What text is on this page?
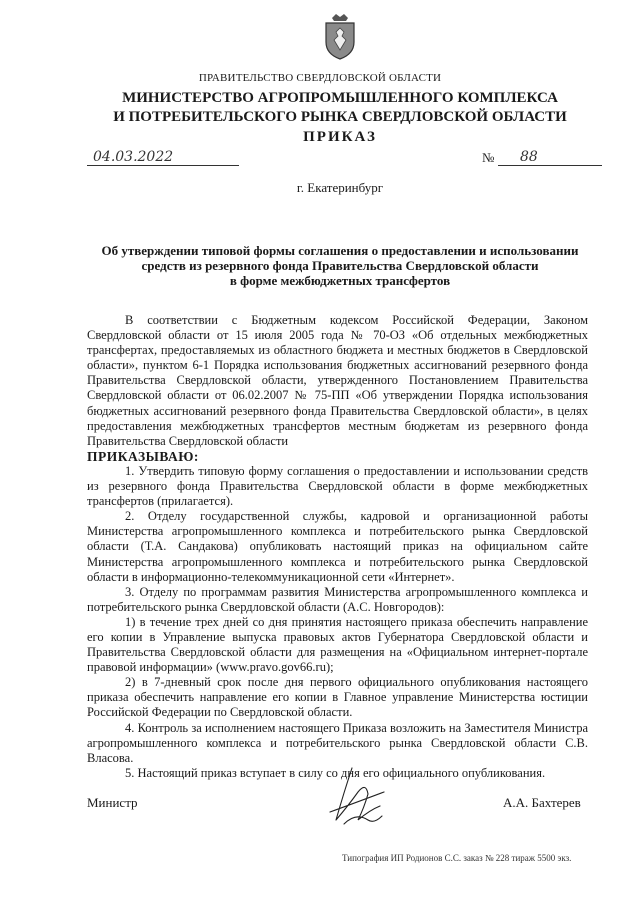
ПРАВИТЕЛЬСТВО СВЕРДЛОВСКОЙ ОБЛАСТИ
МИНИСТЕРСТВО АГРОПРОМЫШЛЕННОГО КОМПЛЕКСА
И ПОТРЕБИТЕЛЬСКОГО РЫНКА СВЕРДЛОВСКОЙ ОБЛАСТИ
ПРИКАЗ
04.03.2022	№	88
г. Екатеринбург
Об утверждении типовой формы соглашения о предоставлении и использовании
средств из резервного фонда Правительства Свердловской области
в форме межбюджетных трансфертов

В соответствии с Бюджетным кодексом Российской Федерации, Законом Свердловской области от 15 июля 2005 года № 70-ОЗ «Об отдельных межбюджетных трансфертах, предоставляемых из областного бюджета и местных бюджетов в Свердловской области», пунктом 6-1 Порядка использования бюджетных ассигнований резервного фонда Правительства Свердловской области, утвержденного Постановлением Правительства Свердловской области от 06.02.2007 № 75-ПП «Об утверждении Порядка использования бюджетных ассигнований резервного фонда Правительства Свердловской области», в целях предоставления межбюджетных трансфертов местным бюджетам из резервного фонда Правительства Свердловской области

ПРИКАЗЫВАЮ:

1. Утвердить типовую форму соглашения о предоставлении и использовании средств из резервного фонда Правительства Свердловской области в форме межбюджетных трансфертов (прилагается).

2. Отделу государственной службы, кадровой и организационной работы Министерства агропромышленного комплекса и потребительского рынка Свердловской области (Т.А. Сандакова) опубликовать настоящий приказ на официальном сайте Министерства агропромышленного комплекса и потребительского рынка Свердловской области в информационно-телекоммуникационной сети «Интернет».

3. Отделу по программам развития Министерства агропромышленного комплекса и потребительского рынка Свердловской области (А.С. Новгородов):

1) в течение трех дней со дня принятия настоящего приказа обеспечить направление его копии в Управление выпуска правовых актов Губернатора Свердловской области и Правительства Свердловской области для размещения на «Официальном интернет-портале правовой информации» (www.pravo.gov66.ru);

2) в 7-дневный срок после дня первого официального опубликования настоящего приказа обеспечить направление его копии в Главное управление Министерства юстиции Российской Федерации по Свердловской области.

4. Контроль за исполнением настоящего Приказа возложить на Заместителя Министра агропромышленного комплекса и потребительского рынка Свердловской области С.В. Власова.

5. Настоящий приказ вступает в силу со дня его официального опубликования.

Министр	А.А. Бахтерев
Типография ИП Родионов С.С. заказ № 228 тираж 5500 экз.
